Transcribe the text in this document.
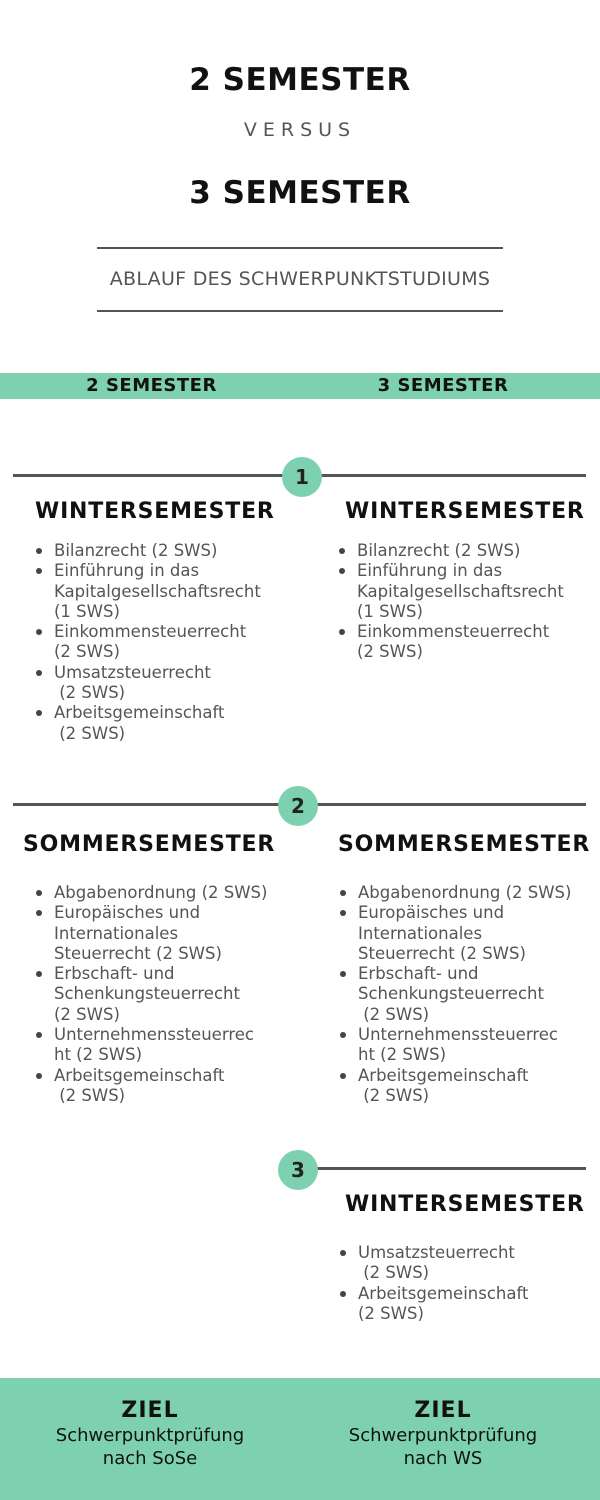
2 SEMESTER
VERSUS
3 SEMESTER
ABLAUF DES SCHWERPUNKTSTUDIUMS
2 SEMESTER	3 SEMESTER
1
WINTERSEMESTER
Bilanzrecht (2 SWS)
Einführung in das
Kapitalgesellschaftsrecht
(1 SWS)
Einkommensteuerrecht
(2 SWS)
Umsatzsteuerrecht
(2 SWS)
Arbeitsgemeinschaft
(2 SWS)
WINTERSEMESTER
Bilanzrecht (2 SWS)
Einführung in das
Kapitalgesellschaftsrecht
(1 SWS)
Einkommensteuerrecht
(2 SWS)
2
SOMMERSEMESTER
Abgabenordnung (2 SWS)
Europäisches und
Internationales
Steuerrecht (2 SWS)
Erbschaft- und
Schenkungsteuerrecht
(2 SWS)
Unternehmenssteuerrec
ht (2 SWS)
Arbeitsgemeinschaft
(2 SWS)
SOMMERSEMESTER
Abgabenordnung (2 SWS)
Europäisches und
Internationales
Steuerrecht (2 SWS)
Erbschaft- und
Schenkungsteuerrecht
(2 SWS)
Unternehmenssteuerrec
ht (2 SWS)
Arbeitsgemeinschaft
(2 SWS)
3
WINTERSEMESTER
Umsatzsteuerrecht
(2 SWS)
Arbeitsgemeinschaft
(2 SWS)
ZIEL
Schwerpunktprüfung
nach SoSe
ZIEL
Schwerpunktprüfung
nach WS
